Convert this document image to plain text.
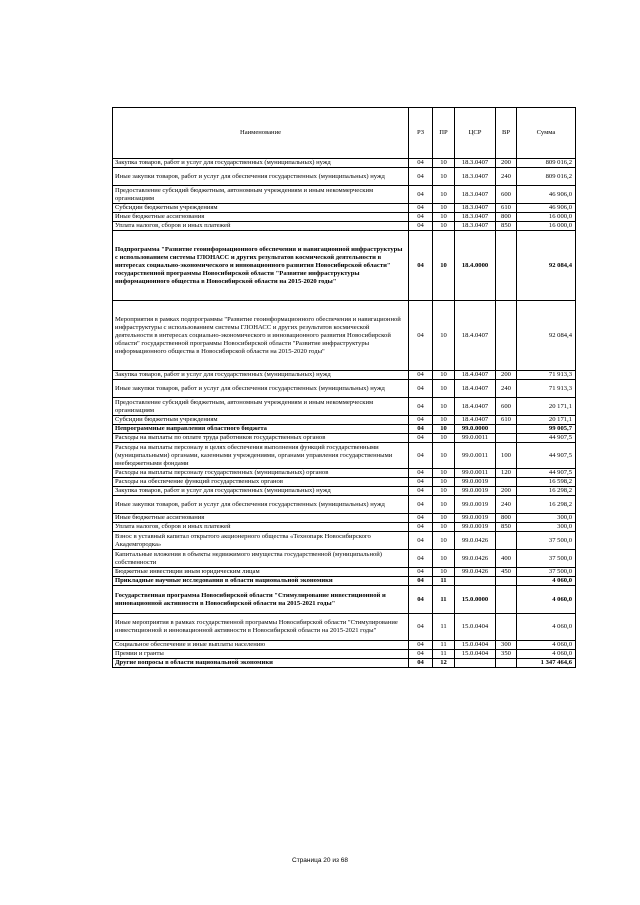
Наименование	РЗ	ПР	ЦСР	ВР	Сумма
Закупка товаров, работ и услуг для государственных (муниципальных) нужд	04	10	18.3.0407	200	809 016,2
Иные закупки товаров, работ и услуг для обеспечения государственных (муниципальных) нужд	04	10	18.3.0407	240	809 016,2
Предоставление субсидий бюджетным, автономным учреждениям и иным некоммерческим организациям	04	10	18.3.0407	600	46 906,0
Субсидии бюджетным учреждениям	04	10	18.3.0407	610	46 906,0
Иные бюджетные ассигнования	04	10	18.3.0407	800	16 000,0
Уплата налогов, сборов и иных платежей	04	10	18.3.0407	850	16 000,0
Подпрограмма "Развитие геоинформационного обеспечения и навигационной инфраструктуры с использованием системы ГЛОНАСС и других результатов космической деятельности в интересах социально-экономического и инновационного развития Новосибирской области" государственной программы Новосибирской области "Развитие инфраструктуры информационного общества в Новосибирской области на 2015-2020 годы"	04	10	18.4.0000		92 084,4
Мероприятия в рамках подпрограммы "Развитие геоинформационного обеспечения и навигационной инфраструктуры с использованием системы ГЛОНАСС и других результатов космической деятельности в интересах социально-экономического и инновационного развития Новосибирской области" государственной программы Новосибирской области "Развитие инфраструктуры информационного общества в Новосибирской области на 2015-2020 годы"	04	10	18.4.0407		92 084,4
Закупка товаров, работ и услуг для государственных (муниципальных) нужд	04	10	18.4.0407	200	71 913,3
Иные закупки товаров, работ и услуг для обеспечения государственных (муниципальных) нужд	04	10	18.4.0407	240	71 913,3
Предоставление субсидий бюджетным, автономным учреждениям и иным некоммерческим организациям	04	10	18.4.0407	600	20 171,1
Субсидии бюджетным учреждениям	04	10	18.4.0407	610	20 171,1
Непрограммные направления областного бюджета	04	10	99.0.0000		99 005,7
Расходы на выплаты по оплате труда работников государственных органов	04	10	99.0.0011		44 907,5
Расходы на выплаты персоналу в целях обеспечения выполнения функций государственными (муниципальными) органами, казенными учреждениями, органами управления государственными внебюджетными фондами	04	10	99.0.0011	100	44 907,5
Расходы на выплаты персоналу государственных (муниципальных) органов	04	10	99.0.0011	120	44 907,5
Расходы на обеспечение функций государственных органов	04	10	99.0.0019		16 598,2
Закупка товаров, работ и услуг для государственных (муниципальных) нужд	04	10	99.0.0019	200	16 298,2
Иные закупки товаров, работ и услуг для обеспечения государственных (муниципальных) нужд	04	10	99.0.0019	240	16 298,2
Иные бюджетные ассигнования	04	10	99.0.0019	800	300,0
Уплата налогов, сборов и иных платежей	04	10	99.0.0019	850	300,0
Взнос в уставный капитал открытого акционерного общества «Технопарк Новосибирского Академгородка»	04	10	99.0.0426		37 500,0
Капитальные вложения в объекты недвижимого имущества государственной (муниципальной) собственности	04	10	99.0.0426	400	37 500,0
Бюджетные инвестиции иным юридическим лицам	04	10	99.0.0426	450	37 500,0
Прикладные научные исследования в области национальной экономики	04	11			4 060,0
Государственная программа Новосибирской области "Стимулирование инвестиционной и инновационной активности в Новосибирской области на 2015-2021 годы"	04	11	15.0.0000		4 060,0
Иные мероприятия в рамках государственной программы Новосибирской области "Стимулирование инвестиционной и инновационной активности в Новосибирской области на 2015-2021 годы"	04	11	15.0.0404		4 060,0
Социальное обеспечение и иные выплаты населению	04	11	15.0.0404	300	4 060,0
Премии и гранты	04	11	15.0.0404	350	4 060,0
Другие вопросы в области национальной экономики	04	12			1 347 464,6
Страница 20 из 68
